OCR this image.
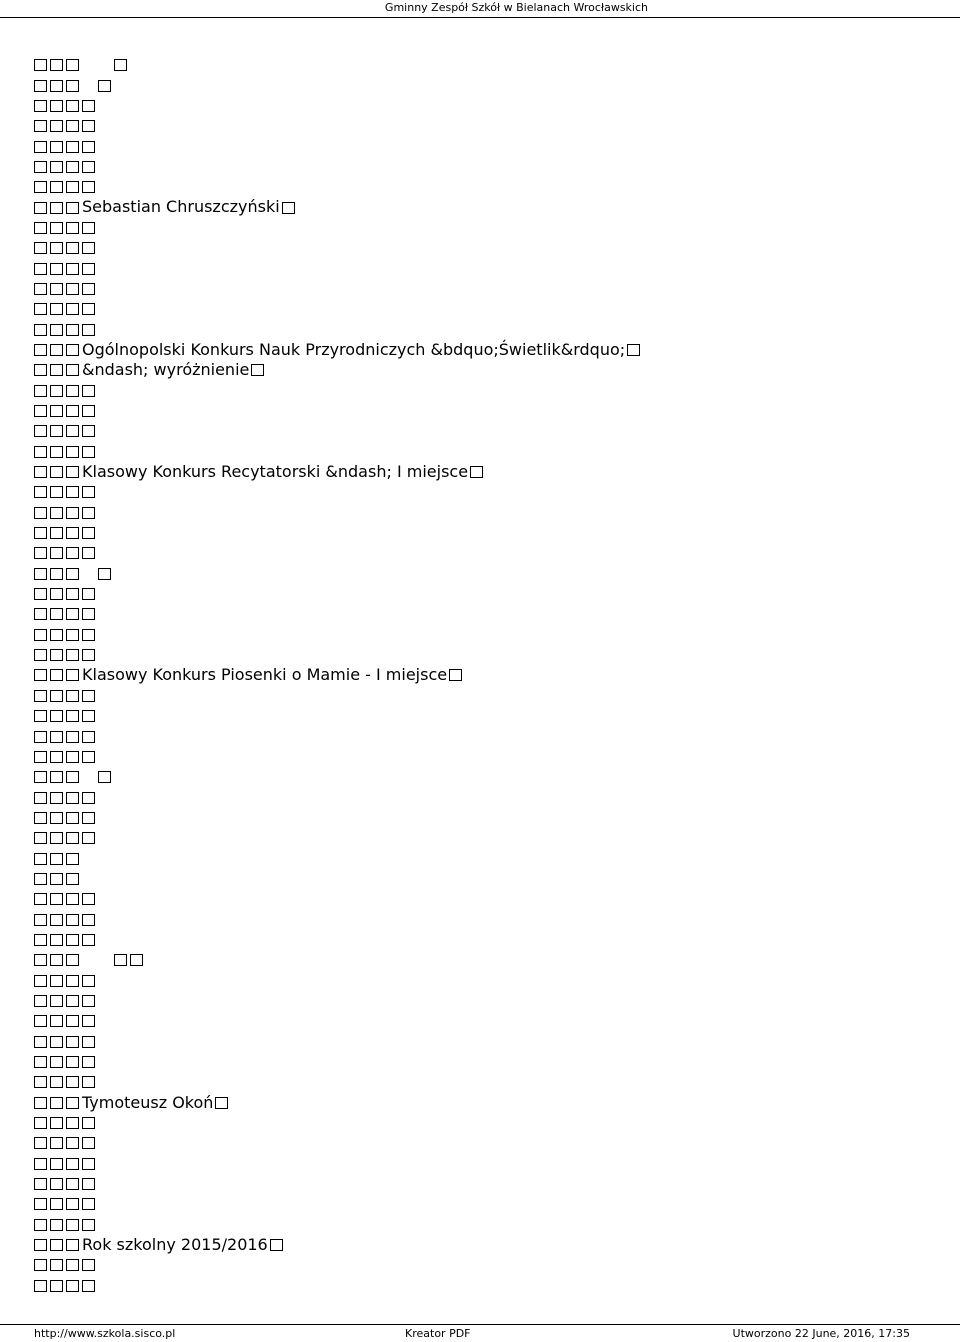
Gminny Zespół Szkół w Bielanach Wrocławskich
Sebastian Chruszczyński
Ogólnopolski Konkurs Nauk Przyrodniczych &bdquo;Świetlik&rdquo;
&ndash; wyróżnienie
Klasowy Konkurs Recytatorski &ndash; I miejsce
Klasowy Konkurs Piosenki o Mamie - I miejsce
Tymoteusz Okoń
Rok szkolny 2015/2016
http://www.szkola.sisco.pl	Kreator PDF	Utworzono 22 June, 2016, 17:35
